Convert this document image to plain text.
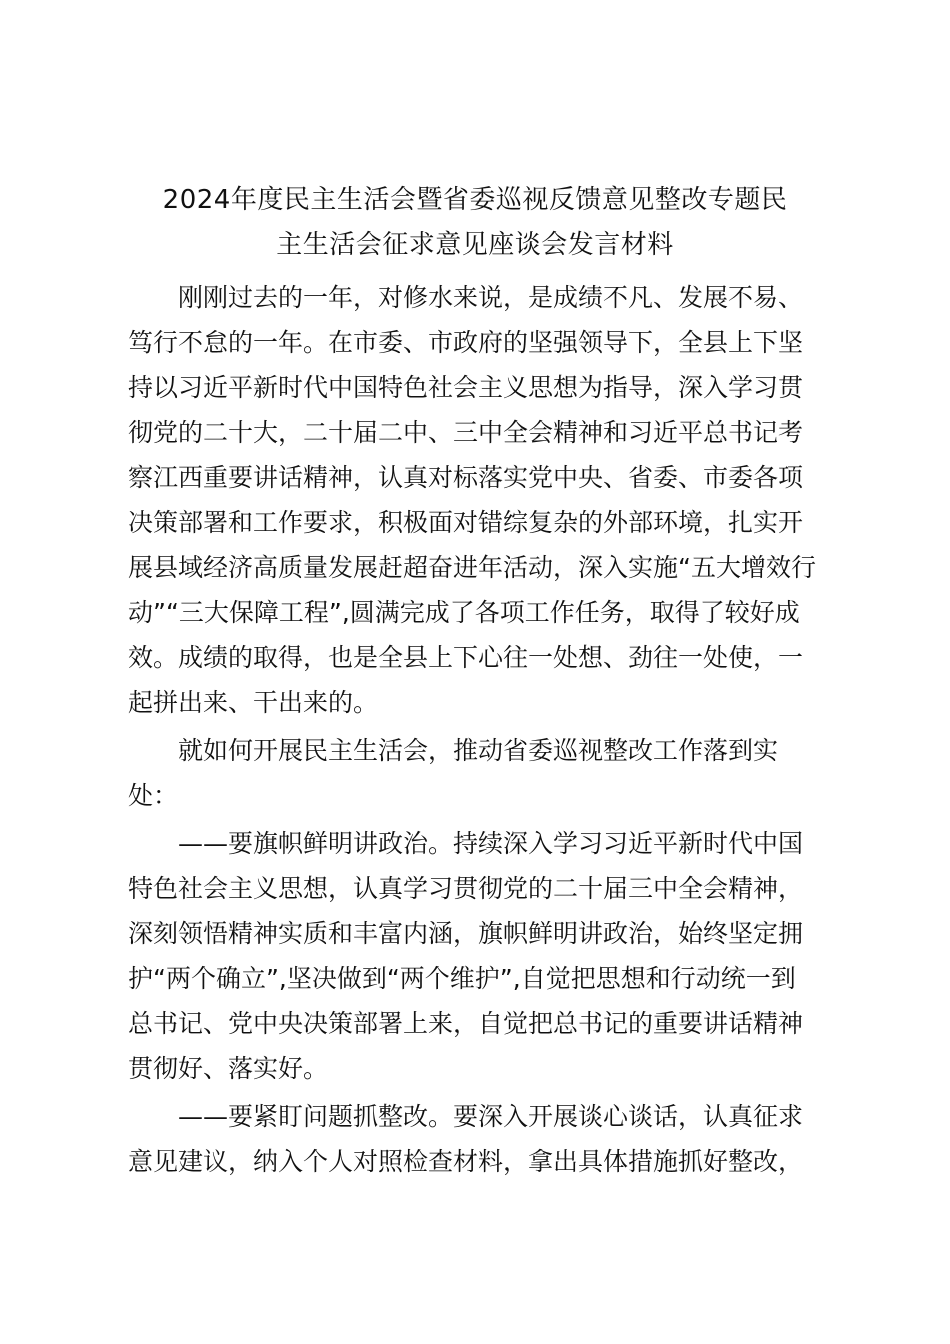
2024年度民主生活会暨省委巡视反馈意见整改专题民
主生活会征求意见座谈会发言材料

　　刚刚过去的一年，对修水来说，是成绩不凡、发展不易、
笃行不怠的一年。在市委、市政府的坚强领导下，全县上下坚
持以习近平新时代中国特色社会主义思想为指导，深入学习贯
彻党的二十大，二十届二中、三中全会精神和习近平总书记考
察江西重要讲话精神，认真对标落实党中央、省委、市委各项
决策部署和工作要求，积极面对错综复杂的外部环境，扎实开
展县域经济高质量发展赶超奋进年活动，深入实施“五大增效行
动”“三大保障工程”,圆满完成了各项工作任务，取得了较好成
效。成绩的取得，也是全县上下心往一处想、劲往一处使，一
起拼出来、干出来的。

　　就如何开展民主生活会，推动省委巡视整改工作落到实
处：

　　——要旗帜鲜明讲政治。持续深入学习习近平新时代中国
特色社会主义思想，认真学习贯彻党的二十届三中全会精神，
深刻领悟精神实质和丰富内涵，旗帜鲜明讲政治，始终坚定拥
护“两个确立”,坚决做到“两个维护”,自觉把思想和行动统一到
总书记、党中央决策部署上来，自觉把总书记的重要讲话精神
贯彻好、落实好。

　　——要紧盯问题抓整改。要深入开展谈心谈话，认真征求
意见建议，纳入个人对照检查材料，拿出具体措施抓好整改，
